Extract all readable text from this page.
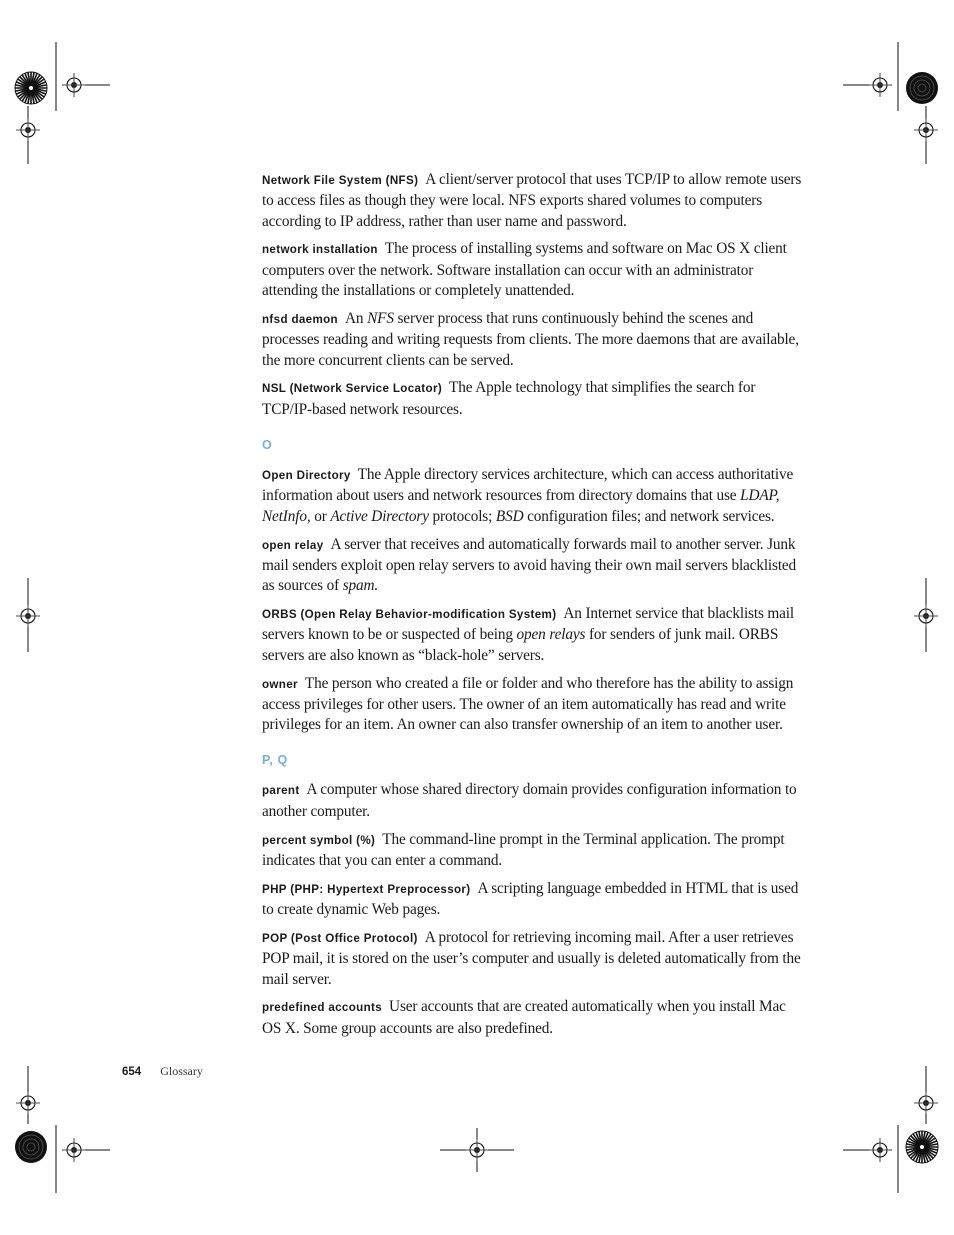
Network File System (NFS) A client/server protocol that uses TCP/IP to allow remote users to access files as though they were local. NFS exports shared volumes to computers according to IP address, rather than user name and password.

network installation The process of installing systems and software on Mac OS X client computers over the network. Software installation can occur with an administrator attending the installations or completely unattended.

nfsd daemon An NFS server process that runs continuously behind the scenes and processes reading and writing requests from clients. The more daemons that are available, the more concurrent clients can be served.

NSL (Network Service Locator) The Apple technology that simplifies the search for TCP/IP-based network resources.

O

Open Directory The Apple directory services architecture, which can access authoritative information about users and network resources from directory domains that use LDAP, NetInfo, or Active Directory protocols; BSD configuration files; and network services.

open relay A server that receives and automatically forwards mail to another server. Junk mail senders exploit open relay servers to avoid having their own mail servers blacklisted as sources of spam.

ORBS (Open Relay Behavior-modification System) An Internet service that blacklists mail servers known to be or suspected of being open relays for senders of junk mail. ORBS servers are also known as “black-hole” servers.

owner The person who created a file or folder and who therefore has the ability to assign access privileges for other users. The owner of an item automatically has read and write privileges for an item. An owner can also transfer ownership of an item to another user.

P, Q

parent A computer whose shared directory domain provides configuration information to another computer.

percent symbol (%) The command-line prompt in the Terminal application. The prompt indicates that you can enter a command.

PHP (PHP: Hypertext Preprocessor) A scripting language embedded in HTML that is used to create dynamic Web pages.

POP (Post Office Protocol) A protocol for retrieving incoming mail. After a user retrieves POP mail, it is stored on the user’s computer and usually is deleted automatically from the mail server.

predefined accounts User accounts that are created automatically when you install Mac OS X. Some group accounts are also predefined.

654 Glossary
